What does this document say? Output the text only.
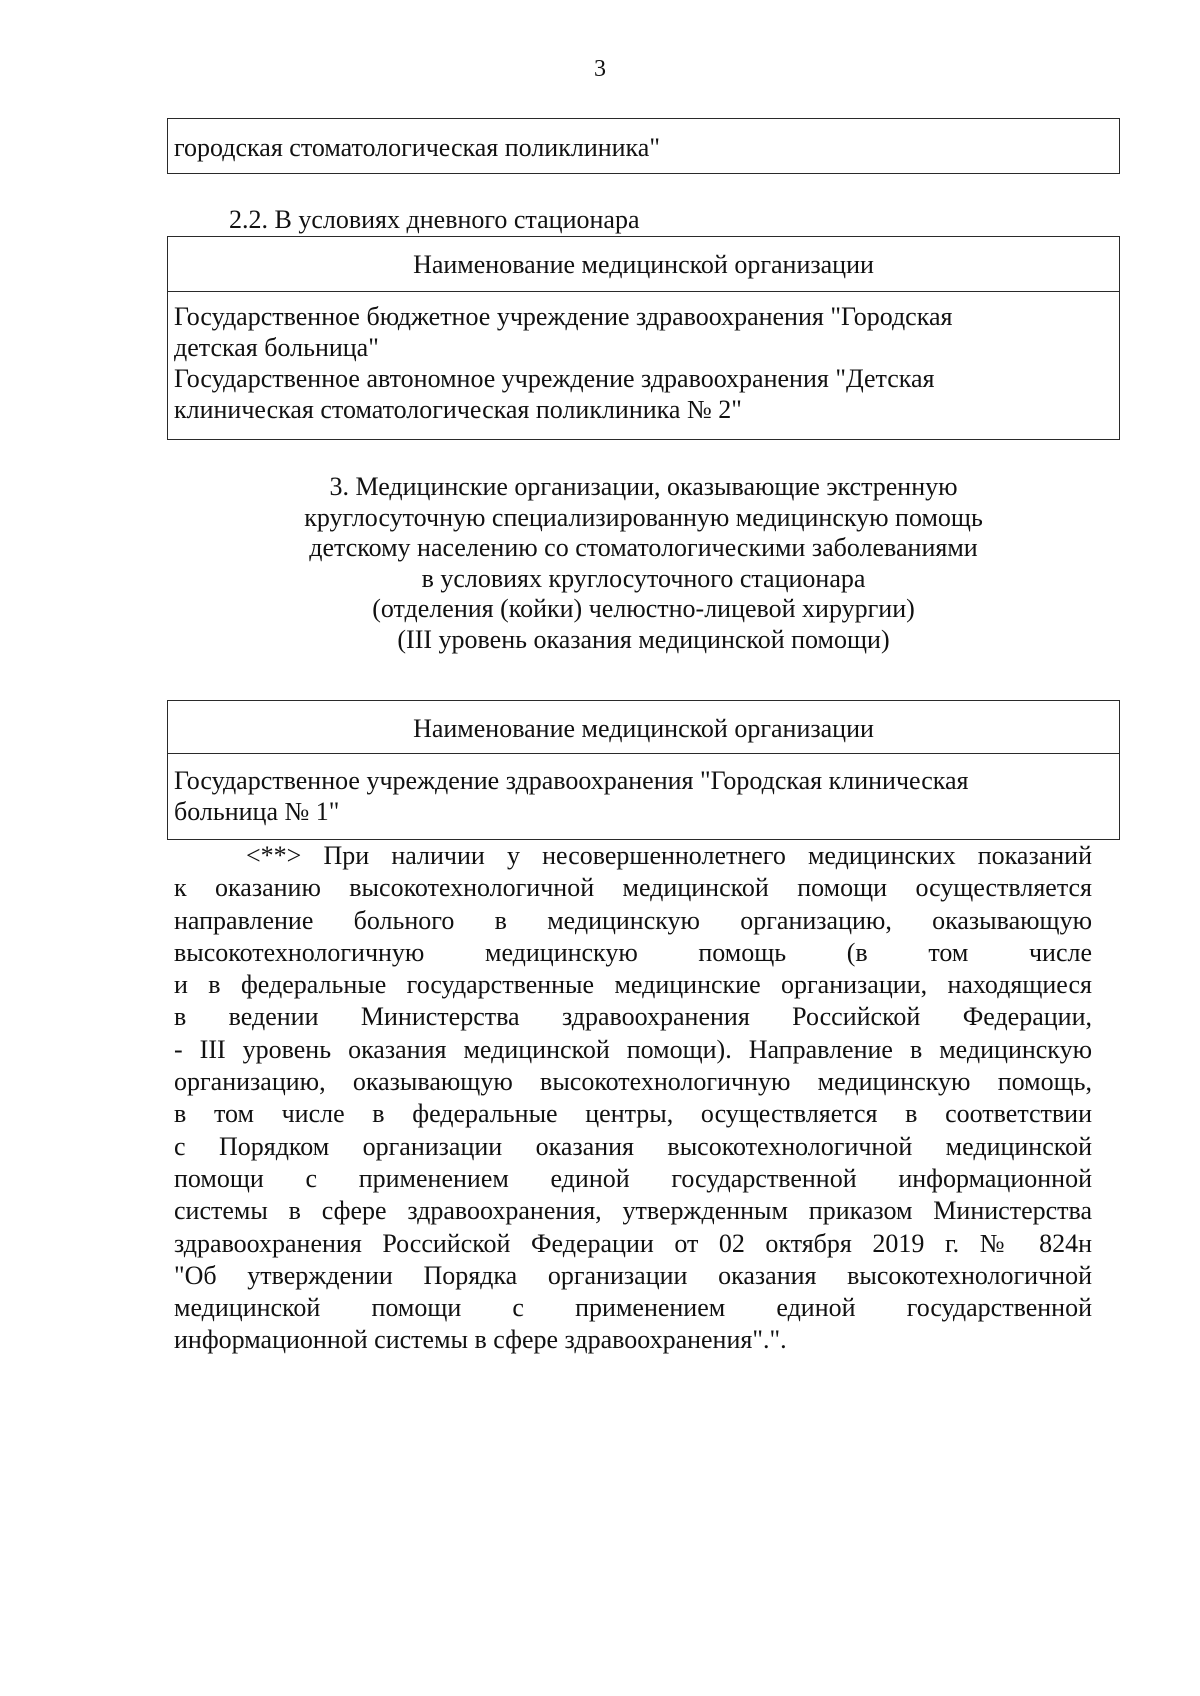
3
городская стоматологическая поликлиника"
2.2. В условиях дневного стационара
Наименование медицинской организации
Государственное бюджетное учреждение здравоохранения "Городская
детская больница"
Государственное автономное учреждение здравоохранения "Детская
клиническая стоматологическая поликлиника № 2"
3. Медицинские организации, оказывающие экстренную
круглосуточную специализированную медицинскую помощь
детскому населению со стоматологическими заболеваниями
в условиях круглосуточного стационара
(отделения (койки) челюстно-лицевой хирургии)
(III уровень оказания медицинской помощи)
Наименование медицинской организации
Государственное учреждение здравоохранения "Городская клиническая
больница № 1"
<**> При наличии у несовершеннолетнего медицинских показаний
к оказанию высокотехнологичной медицинской помощи осуществляется
направление больного в медицинскую организацию, оказывающую
высокотехнологичную медицинскую помощь (в том числе
и в федеральные государственные медицинские организации, находящиеся
в ведении Министерства здравоохранения Российской Федерации,
- III уровень оказания медицинской помощи). Направление в медицинскую
организацию, оказывающую высокотехнологичную медицинскую помощь,
в том числе в федеральные центры, осуществляется в соответствии
с Порядком организации оказания высокотехнологичной медицинской
помощи с применением единой государственной информационной
системы в сфере здравоохранения, утвержденным приказом Министерства
здравоохранения Российской Федерации от 02 октября 2019 г. № 824н
"Об утверждении Порядка организации оказания высокотехнологичной
медицинской помощи с применением единой государственной
информационной системы в сфере здравоохранения".".
